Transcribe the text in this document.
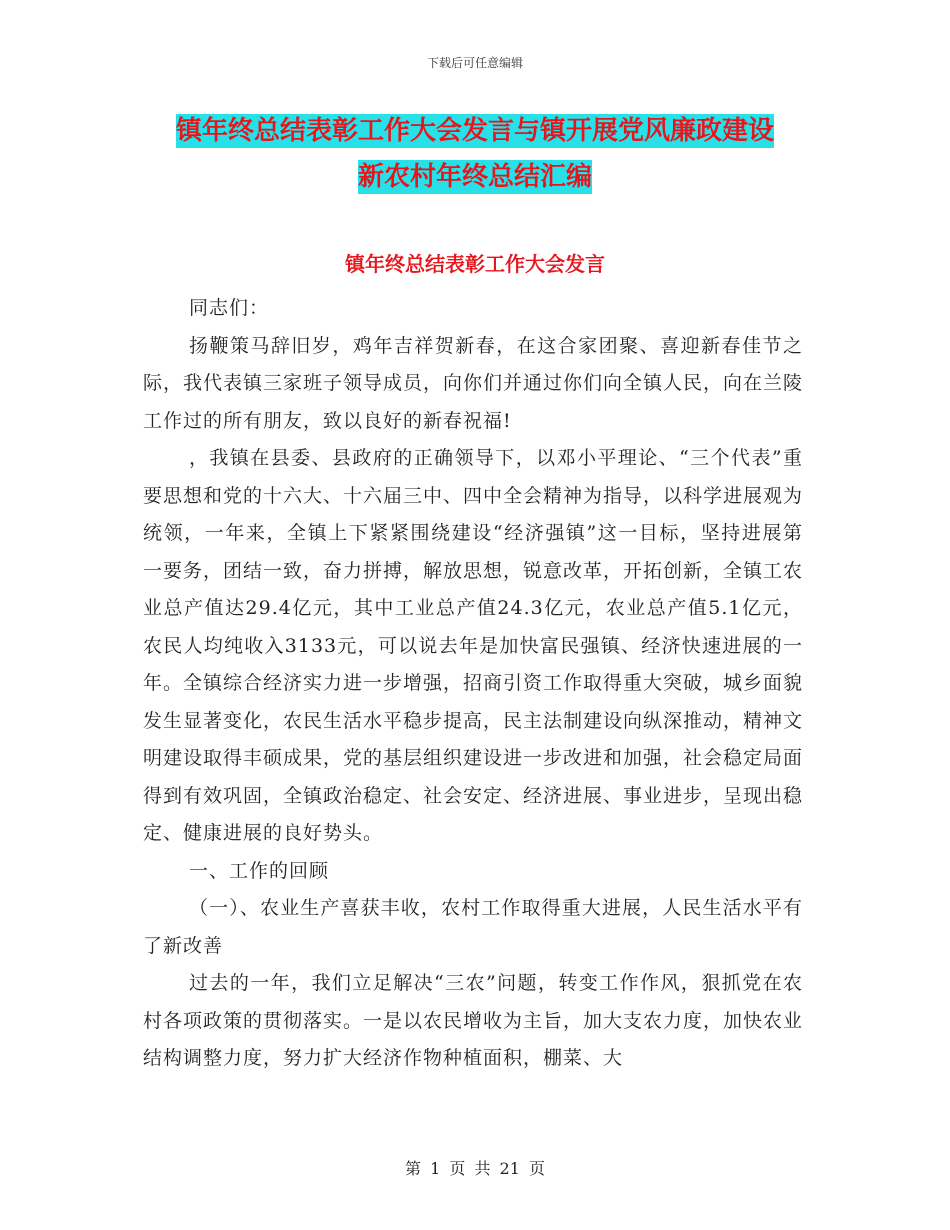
下载后可任意编辑
镇年终总结表彰工作大会发言与镇开展党风廉政建设
新农村年终总结汇编
镇年终总结表彰工作大会发言

同志们：

扬鞭策马辞旧岁，鸡年吉祥贺新春，在这合家团聚、喜迎新春佳节之际，我代表镇三家班子领导成员，向你们并通过你们向全镇人民，向在兰陵工作过的所有朋友，致以良好的新春祝福!

，我镇在县委、县政府的正确领导下，以邓小平理论、“三个代表”重要思想和党的十六大、十六届三中、四中全会精神为指导，以科学进展观为统领，一年来，全镇上下紧紧围绕建设“经济强镇”这一目标，坚持进展第一要务，团结一致，奋力拼搏，解放思想，锐意改革，开拓创新，全镇工农业总产值达29.4亿元，其中工业总产值24.3亿元，农业总产值5.1亿元，农民人均纯收入3133元，可以说去年是加快富民强镇、经济快速进展的一年。全镇综合经济实力进一步增强，招商引资工作取得重大突破，城乡面貌发生显著变化，农民生活水平稳步提高，民主法制建设向纵深推动，精神文明建设取得丰硕成果，党的基层组织建设进一步改进和加强，社会稳定局面得到有效巩固，全镇政治稳定、社会安定、经济进展、事业进步，呈现出稳定、健康进展的良好势头。

一、工作的回顾

（一）、农业生产喜获丰收，农村工作取得重大进展，人民生活水平有了新改善

过去的一年，我们立足解决“三农”问题，转变工作作风，狠抓党在农村各项政策的贯彻落实。一是以农民增收为主旨，加大支农力度，加快农业结构调整力度，努力扩大经济作物种植面积，棚菜、大

第 1 页 共 21 页
